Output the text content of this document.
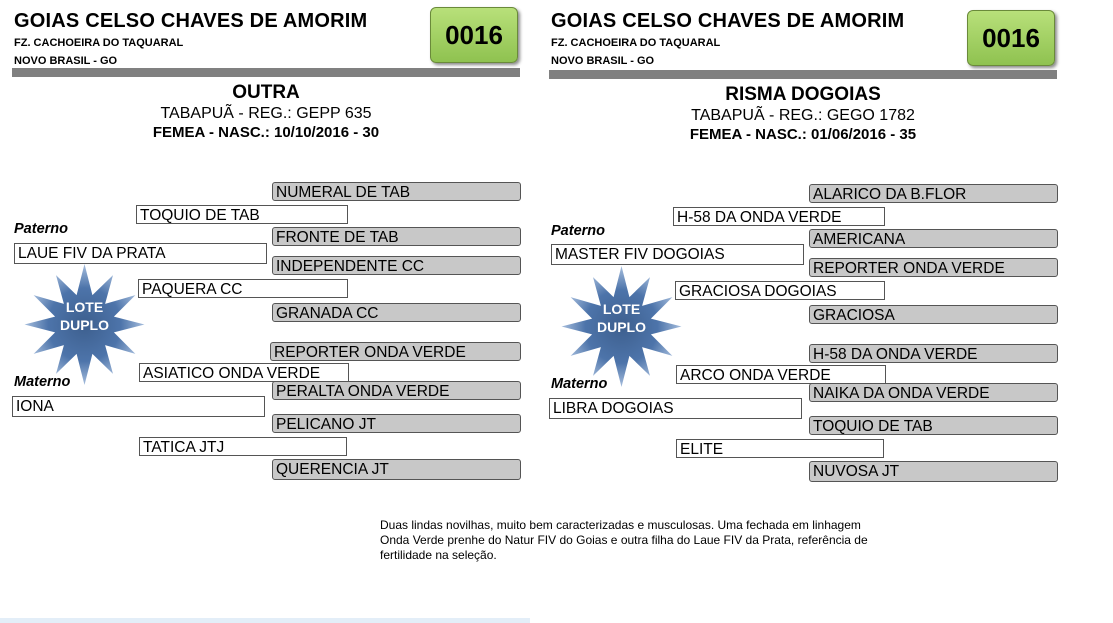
GOIAS CELSO CHAVES DE AMORIM
FZ. CACHOEIRA DO TAQUARAL
NOVO BRASIL - GO
0016
OUTRA
TABAPUÃ - REG.: GEPP 635
FEMEA - NASC.: 10/10/2016 - 30
NUMERAL DE TAB
TOQUIO DE TAB
Paterno	FRONTE DE TAB
LAUE FIV DA PRATA
INDEPENDENTE CC
PAQUERA CC
GRANADA CC
LOTE
DUPLO
REPORTER ONDA VERDE
ASIATICO ONDA VERDE
Materno
PERALTA ONDA VERDE
IONA
PELICANO JT
TATICA JTJ
QUERENCIA JT
GOIAS CELSO CHAVES DE AMORIM
FZ. CACHOEIRA DO TAQUARAL
NOVO BRASIL - GO
0016
RISMA DOGOIAS
TABAPUÃ - REG.: GEGO 1782
FEMEA - NASC.: 01/06/2016 - 35
ALARICO DA B.FLOR
H-58 DA ONDA VERDE
Paterno	AMERICANA
MASTER FIV DOGOIAS
REPORTER ONDA VERDE
GRACIOSA DOGOIAS
GRACIOSA
LOTE
DUPLO
H-58 DA ONDA VERDE
ARCO ONDA VERDE
Materno
NAIKA DA ONDA VERDE
LIBRA DOGOIAS
TOQUIO DE TAB
ELITE
NUVOSA JT
Duas lindas novilhas, muito bem caracterizadas e musculosas. Uma fechada em linhagem Onda Verde prenhe do Natur FIV do Goias e outra filha do Laue FIV da Prata, referência de fertilidade na seleção.
